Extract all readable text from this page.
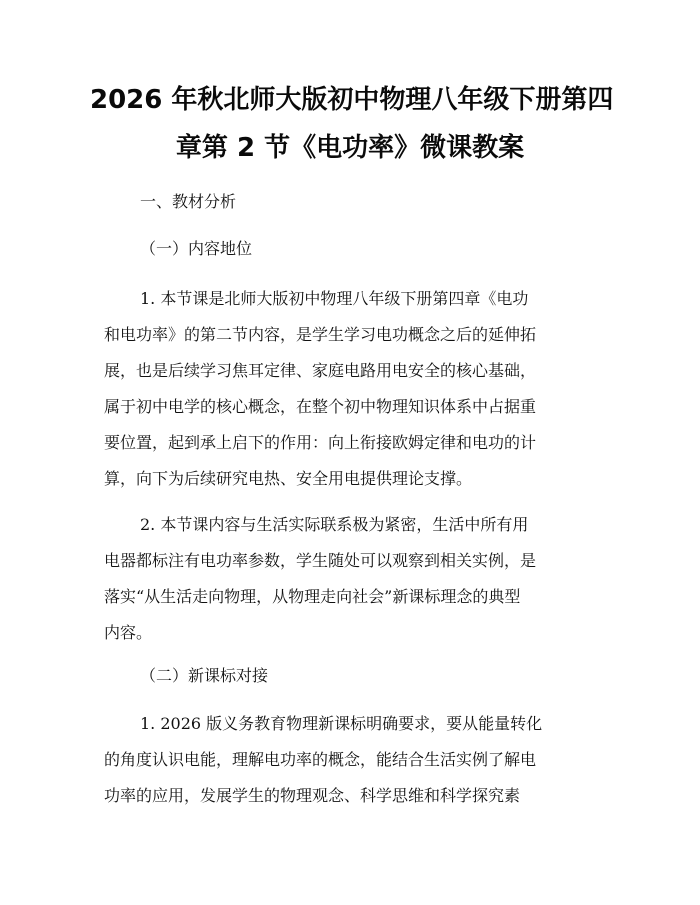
2026 年秋北师大版初中物理八年级下册第四
章第 2 节《电功率》微课教案
一、教材分析
（一）内容地位
1. 本节课是北师大版初中物理八年级下册第四章《电功
和电功率》的第二节内容，是学生学习电功概念之后的延伸拓
展，也是后续学习焦耳定律、家庭电路用电安全的核心基础，
属于初中电学的核心概念，在整个初中物理知识体系中占据重
要位置，起到承上启下的作用：向上衔接欧姆定律和电功的计
算，向下为后续研究电热、安全用电提供理论支撑。
2. 本节课内容与生活实际联系极为紧密，生活中所有用
电器都标注有电功率参数，学生随处可以观察到相关实例，是
落实“从生活走向物理，从物理走向社会”新课标理念的典型
内容。
（二）新课标对接
1. 2026 版义务教育物理新课标明确要求，要从能量转化
的角度认识电能，理解电功率的概念，能结合生活实例了解电
功率的应用，发展学生的物理观念、科学思维和科学探究素
